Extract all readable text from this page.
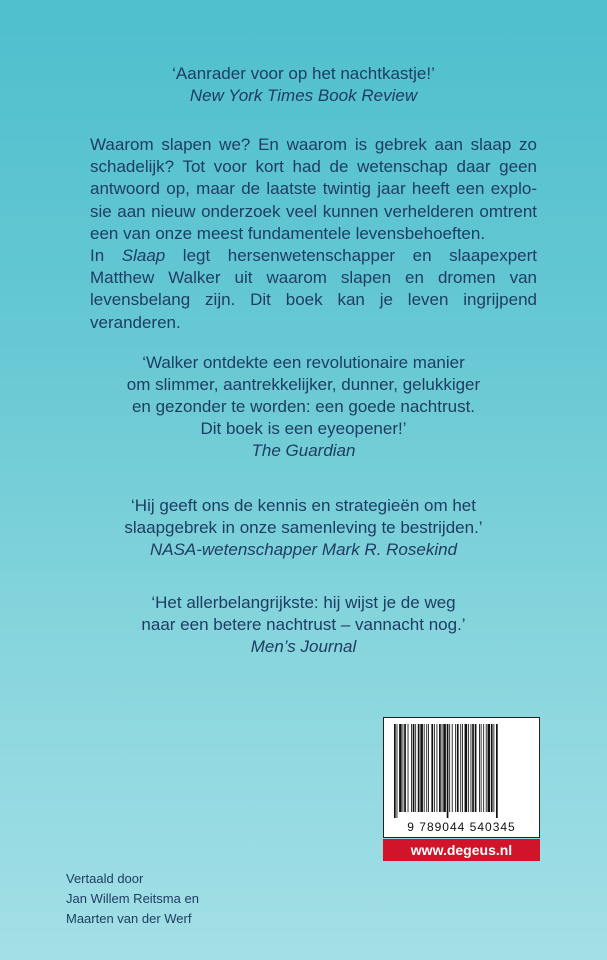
‘Aanrader voor op het nachtkastje!’

New York Times Book Review

Waarom slapen we? En waarom is gebrek aan slaap zo schadelijk? Tot voor kort had de wetenschap daar geen antwoord op, maar de laatste twintig jaar heeft een explo-sie aan nieuw onderzoek veel kunnen verhelderen omtrent een van onze meest fundamentele levensbehoeften.

In Slaap legt hersenwetenschapper en slaapexpert Matthew Walker uit waarom slapen en dromen van levensbelang zijn. Dit boek kan je leven ingrijpend veranderen.

‘Walker ontdekte een revolutionaire manier

om slimmer, aantrekkelijker, dunner, gelukkiger

en gezonder te worden: een goede nachtrust.

Dit boek is een eyeopener!’

The Guardian

‘Hij geeft ons de kennis en strategieën om het

slaapgebrek in onze samenleving te bestrijden.’

NASA-wetenschapper Mark R. Rosekind

‘Het allerbelangrijkste: hij wijst je de weg

naar een betere nachtrust – vannacht nog.’

Men’s Journal

Vertaald door
Jan Willem Reitsma en
Maarten van der Werf
9 789044 540345
www.degeus.nl
